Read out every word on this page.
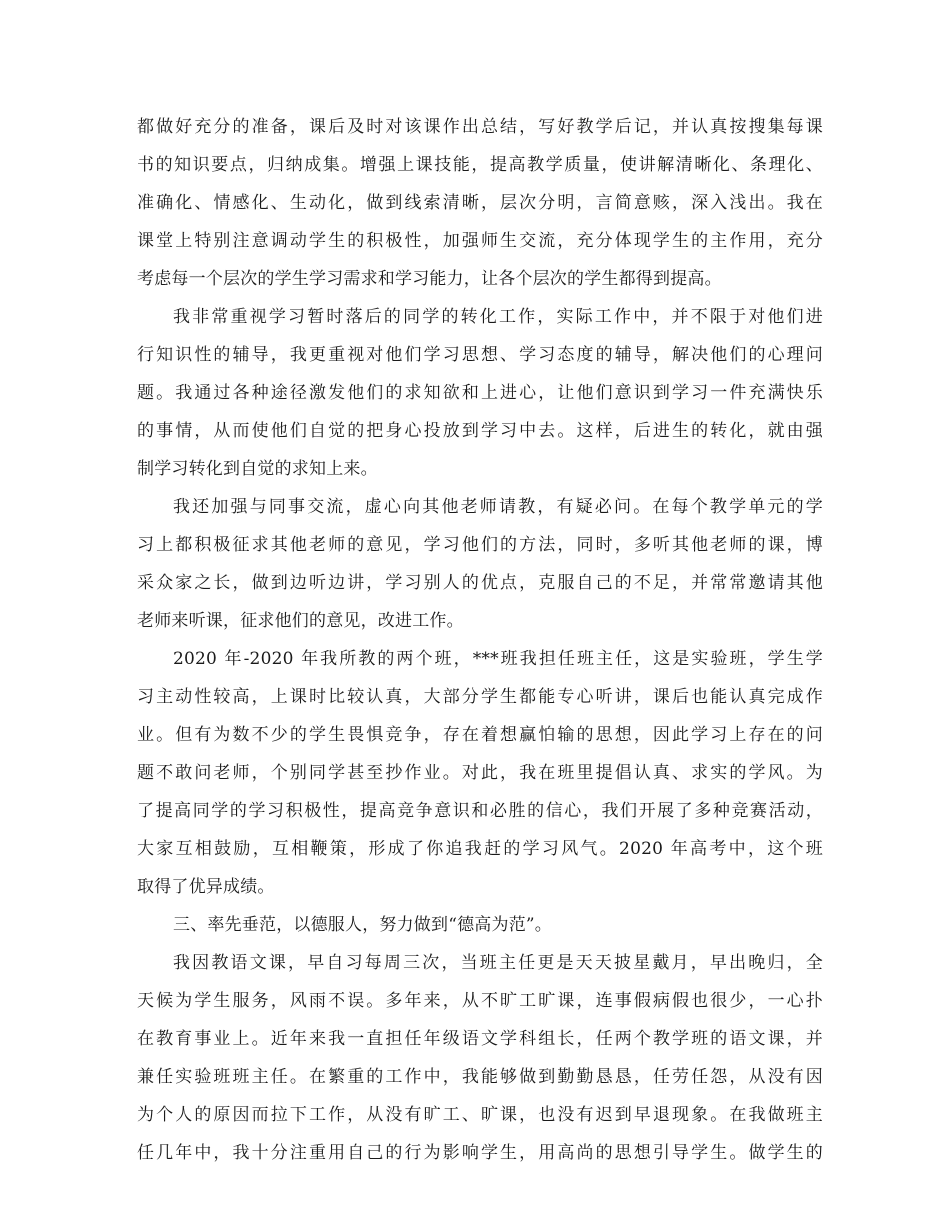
都做好充分的准备，课后及时对该课作出总结，写好教学后记，并认真按搜集每课
书的知识要点，归纳成集。增强上课技能，提高教学质量，使讲解清晰化、条理化、
准确化、情感化、生动化，做到线索清晰，层次分明，言简意赅，深入浅出。我在
课堂上特别注意调动学生的积极性，加强师生交流，充分体现学生的主作用，充分
考虑每一个层次的学生学习需求和学习能力，让各个层次的学生都得到提高。
我非常重视学习暂时落后的同学的转化工作，实际工作中，并不限于对他们进
行知识性的辅导，我更重视对他们学习思想、学习态度的辅导，解决他们的心理问
题。我通过各种途径激发他们的求知欲和上进心，让他们意识到学习一件充满快乐
的事情，从而使他们自觉的把身心投放到学习中去。这样，后进生的转化，就由强
制学习转化到自觉的求知上来。
我还加强与同事交流，虚心向其他老师请教，有疑必问。在每个教学单元的学
习上都积极征求其他老师的意见，学习他们的方法，同时，多听其他老师的课，博
采众家之长，做到边听边讲，学习别人的优点，克服自己的不足，并常常邀请其他
老师来听课，征求他们的意见，改进工作。
2020 年-2020 年我所教的两个班，***班我担任班主任，这是实验班，学生学
习主动性较高，上课时比较认真，大部分学生都能专心听讲，课后也能认真完成作
业。但有为数不少的学生畏惧竞争，存在着想赢怕输的思想，因此学习上存在的问
题不敢问老师，个别同学甚至抄作业。对此，我在班里提倡认真、求实的学风。为
了提高同学的学习积极性，提高竞争意识和必胜的信心，我们开展了多种竞赛活动，
大家互相鼓励，互相鞭策，形成了你追我赶的学习风气。2020 年高考中，这个班
取得了优异成绩。
三、率先垂范，以德服人，努力做到“德高为范”。
我因教语文课，早自习每周三次，当班主任更是天天披星戴月，早出晚归，全
天候为学生服务，风雨不误。多年来，从不旷工旷课，连事假病假也很少，一心扑
在教育事业上。近年来我一直担任年级语文学科组长，任两个教学班的语文课，并
兼任实验班班主任。在繁重的工作中，我能够做到勤勤恳恳，任劳任怨，从没有因
为个人的原因而拉下工作，从没有旷工、旷课，也没有迟到早退现象。在我做班主
任几年中，我十分注重用自己的行为影响学生，用高尚的思想引导学生。做学生的
